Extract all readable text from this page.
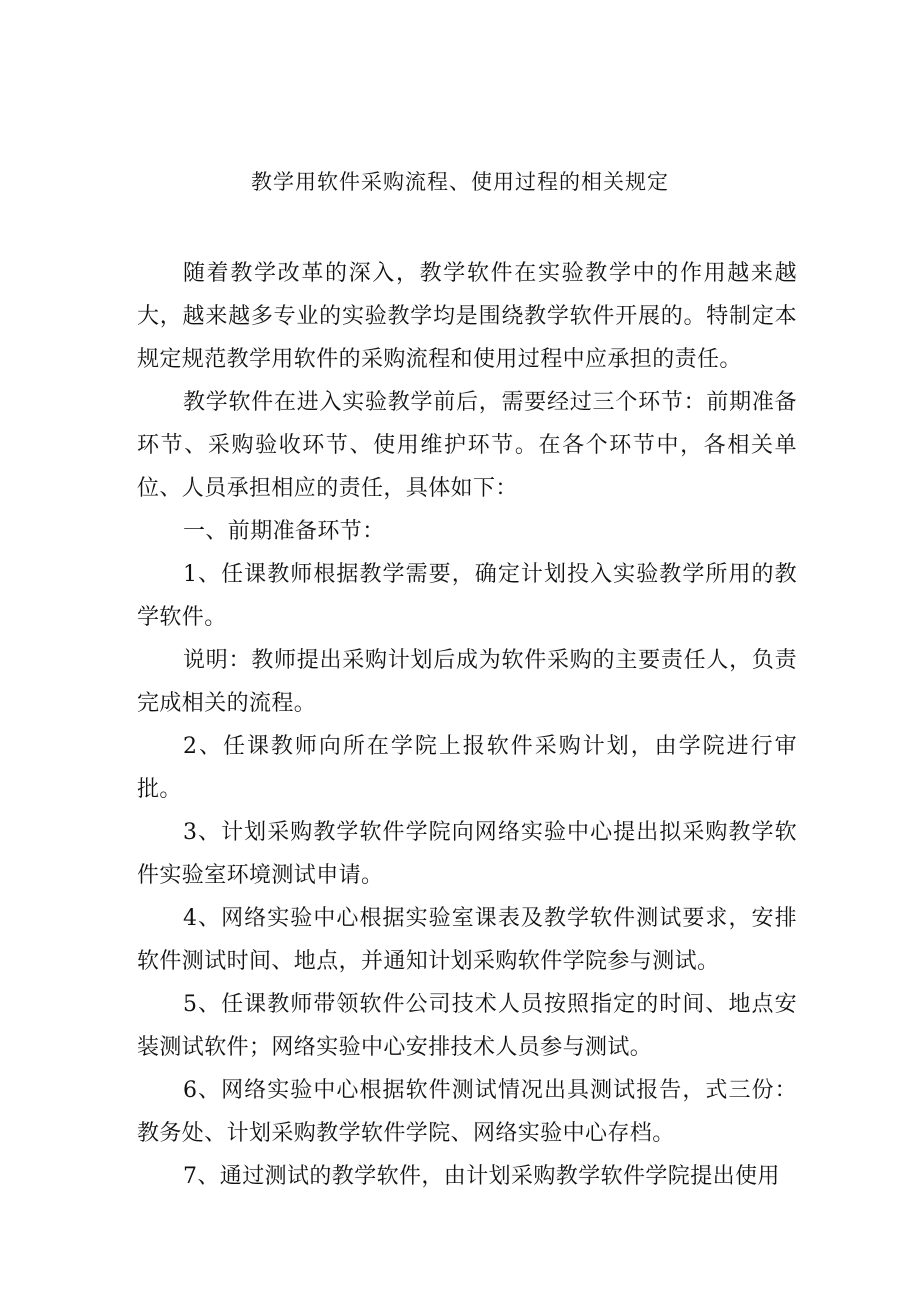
教学用软件采购流程、使用过程的相关规定

随着教学改革的深入，教学软件在实验教学中的作用越来越大，越来越多专业的实验教学均是围绕教学软件开展的。特制定本规定规范教学用软件的采购流程和使用过程中应承担的责任。

教学软件在进入实验教学前后，需要经过三个环节：前期准备环节、采购验收环节、使用维护环节。在各个环节中，各相关单位、人员承担相应的责任，具体如下：

一、前期准备环节：

1、任课教师根据教学需要，确定计划投入实验教学所用的教学软件。

说明：教师提出采购计划后成为软件采购的主要责任人，负责完成相关的流程。

2、任课教师向所在学院上报软件采购计划，由学院进行审批。

3、计划采购教学软件学院向网络实验中心提出拟采购教学软件实验室环境测试申请。

4、网络实验中心根据实验室课表及教学软件测试要求，安排软件测试时间、地点，并通知计划采购软件学院参与测试。

5、任课教师带领软件公司技术人员按照指定的时间、地点安装测试软件；网络实验中心安排技术人员参与测试。

6、网络实验中心根据软件测试情况出具测试报告，式三份：教务处、计划采购教学软件学院、网络实验中心存档。

7、通过测试的教学软件，由计划采购教学软件学院提出使用
